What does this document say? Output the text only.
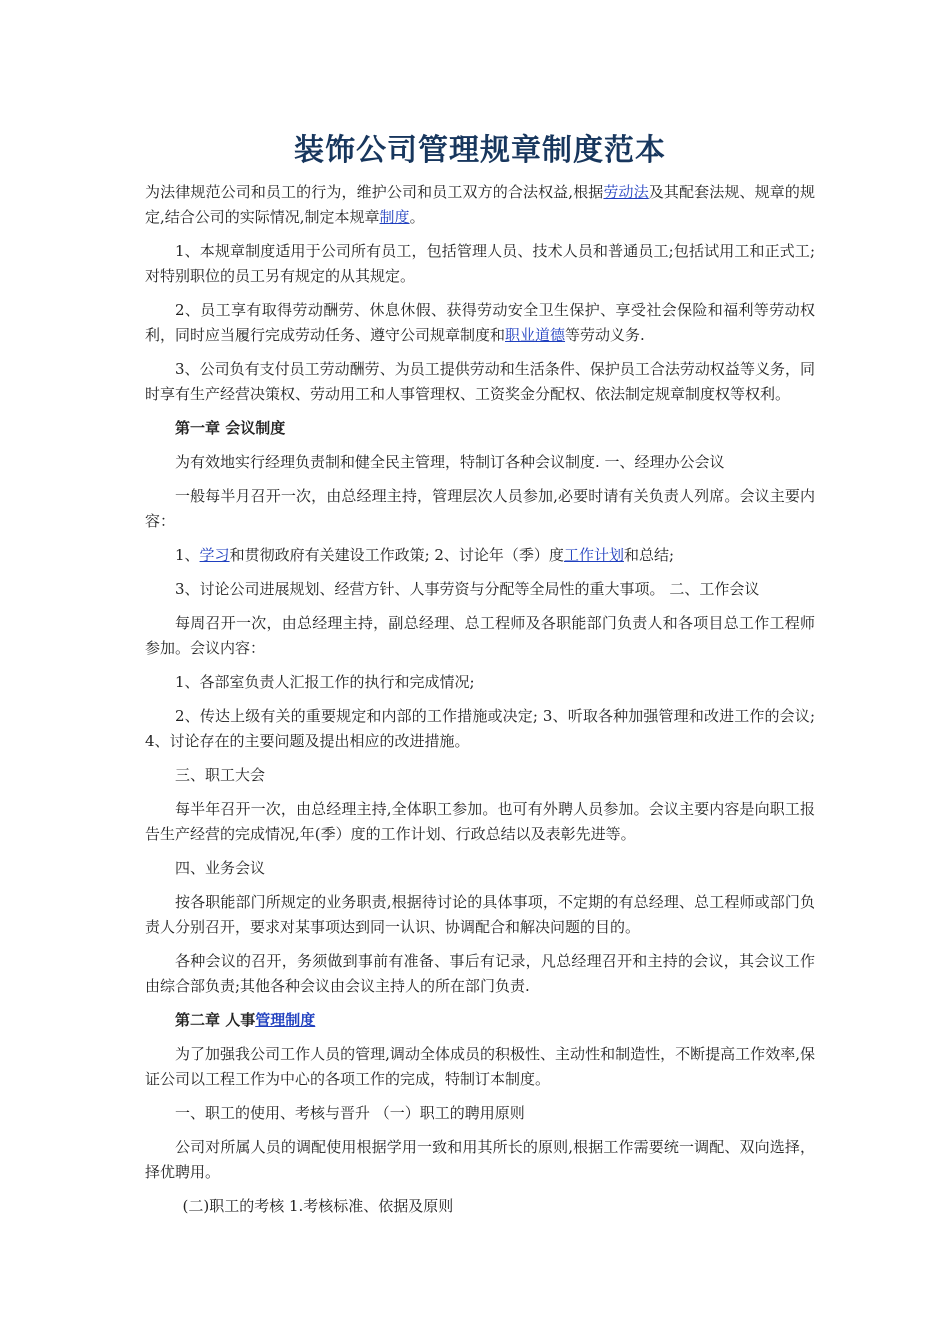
装饰公司管理规章制度范本

为法律规范公司和员工的行为，维护公司和员工双方的合法权益,根据劳动法及其配套法规、规章的规定,结合公司的实际情况,制定本规章制度。

1、本规章制度适用于公司所有员工，包括管理人员、技术人员和普通员工;包括试用工和正式工;对特别职位的员工另有规定的从其规定。

2、员工享有取得劳动酬劳、休息休假、获得劳动安全卫生保护、享受社会保险和福利等劳动权利，同时应当履行完成劳动任务、遵守公司规章制度和职业道德等劳动义务.

3、公司负有支付员工劳动酬劳、为员工提供劳动和生活条件、保护员工合法劳动权益等义务，同时享有生产经营决策权、劳动用工和人事管理权、工资奖金分配权、依法制定规章制度权等权利。

第一章 会议制度

为有效地实行经理负责制和健全民主管理，特制订各种会议制度. 一、经理办公会议

一般每半月召开一次，由总经理主持，管理层次人员参加,必要时请有关负责人列席。会议主要内容：

1、学习和贯彻政府有关建设工作政策; 2、讨论年（季）度工作计划和总结;

3、讨论公司进展规划、经营方针、人事劳资与分配等全局性的重大事项。 二、工作会议

每周召开一次，由总经理主持，副总经理、总工程师及各职能部门负责人和各项目总工作工程师参加。会议内容：

1、各部室负责人汇报工作的执行和完成情况;

2、传达上级有关的重要规定和内部的工作措施或决定; 3、听取各种加强管理和改进工作的会议; 4、讨论存在的主要问题及提出相应的改进措施。

三、职工大会

每半年召开一次，由总经理主持,全体职工参加。也可有外聘人员参加。会议主要内容是向职工报告生产经营的完成情况,年(季）度的工作计划、行政总结以及表彰先进等。

四、业务会议

按各职能部门所规定的业务职责,根据待讨论的具体事项，不定期的有总经理、总工程师或部门负责人分别召开，要求对某事项达到同一认识、协调配合和解决问题的目的。

各种会议的召开，务须做到事前有准备、事后有记录，凡总经理召开和主持的会议，其会议工作由综合部负责;其他各种会议由会议主持人的所在部门负责.

第二章 人事管理制度

为了加强我公司工作人员的管理,调动全体成员的积极性、主动性和制造性，不断提高工作效率,保证公司以工程工作为中心的各项工作的完成，特制订本制度。

一、职工的使用、考核与晋升 （一）职工的聘用原则

公司对所属人员的调配使用根据学用一致和用其所长的原则,根据工作需要统一调配、双向选择，择优聘用。

(二)职工的考核 1.考核标准、依据及原则
